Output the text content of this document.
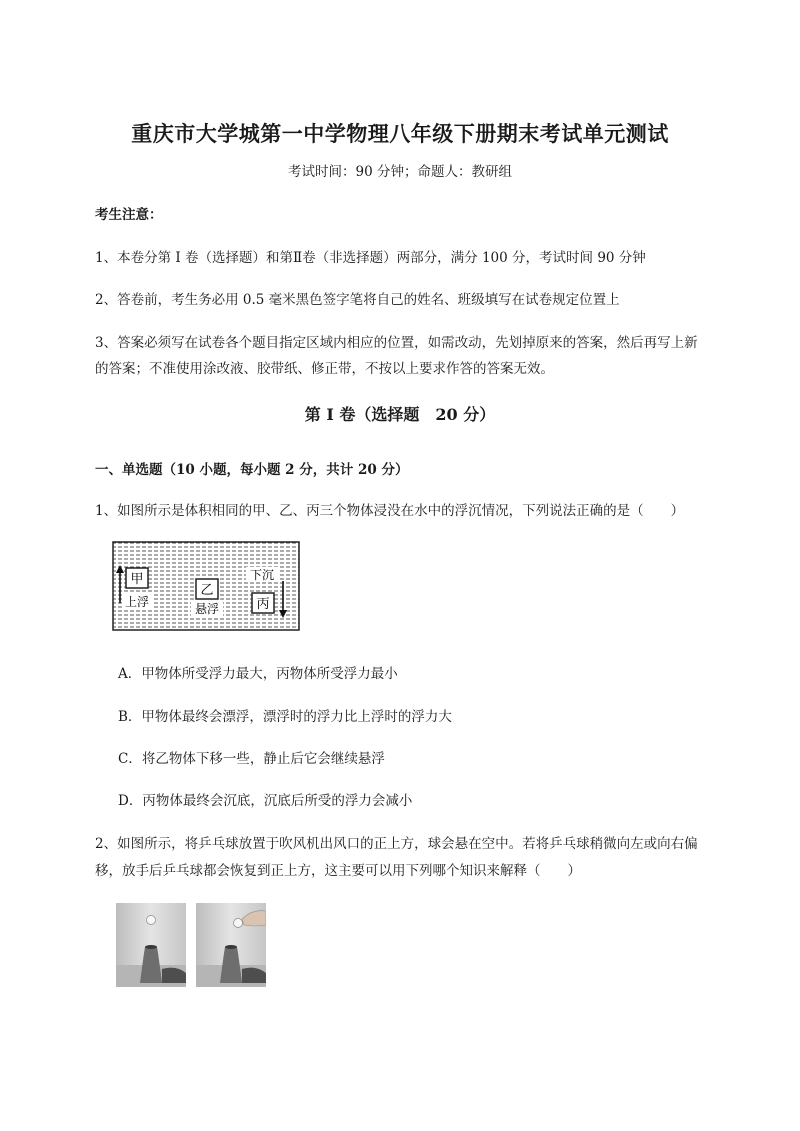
重庆市大学城第一中学物理八年级下册期末考试单元测试
考试时间：90 分钟；命题人：教研组
考生注意：
1、本卷分第 I 卷（选择题）和第Ⅱ卷（非选择题）两部分，满分 100 分，考试时间 90 分钟
2、答卷前，考生务必用 0.5 毫米黑色签字笔将自己的姓名、班级填写在试卷规定位置上
3、答案必须写在试卷各个题目指定区域内相应的位置，如需改动，先划掉原来的答案，然后再写上新
的答案；不准使用涂改液、胶带纸、修正带，不按以上要求作答的答案无效。
第 I 卷（选择题　20 分）
一、单选题（10 小题，每小题 2 分，共计 20 分）
1、如图所示是体积相同的甲、乙、丙三个物体浸没在水中的浮沉情况，下列说法正确的是（　　）
甲
上浮
乙
悬浮
下沉
丙
A．甲物体所受浮力最大，丙物体所受浮力最小
B．甲物体最终会漂浮，漂浮时的浮力比上浮时的浮力大
C．将乙物体下移一些，静止后它会继续悬浮
D．丙物体最终会沉底，沉底后所受的浮力会减小
2、如图所示，将乒乓球放置于吹风机出风口的正上方，球会悬在空中。若将乒乓球稍微向左或向右偏
移，放手后乒乓球都会恢复到正上方，这主要可以用下列哪个知识来解释（　　）
